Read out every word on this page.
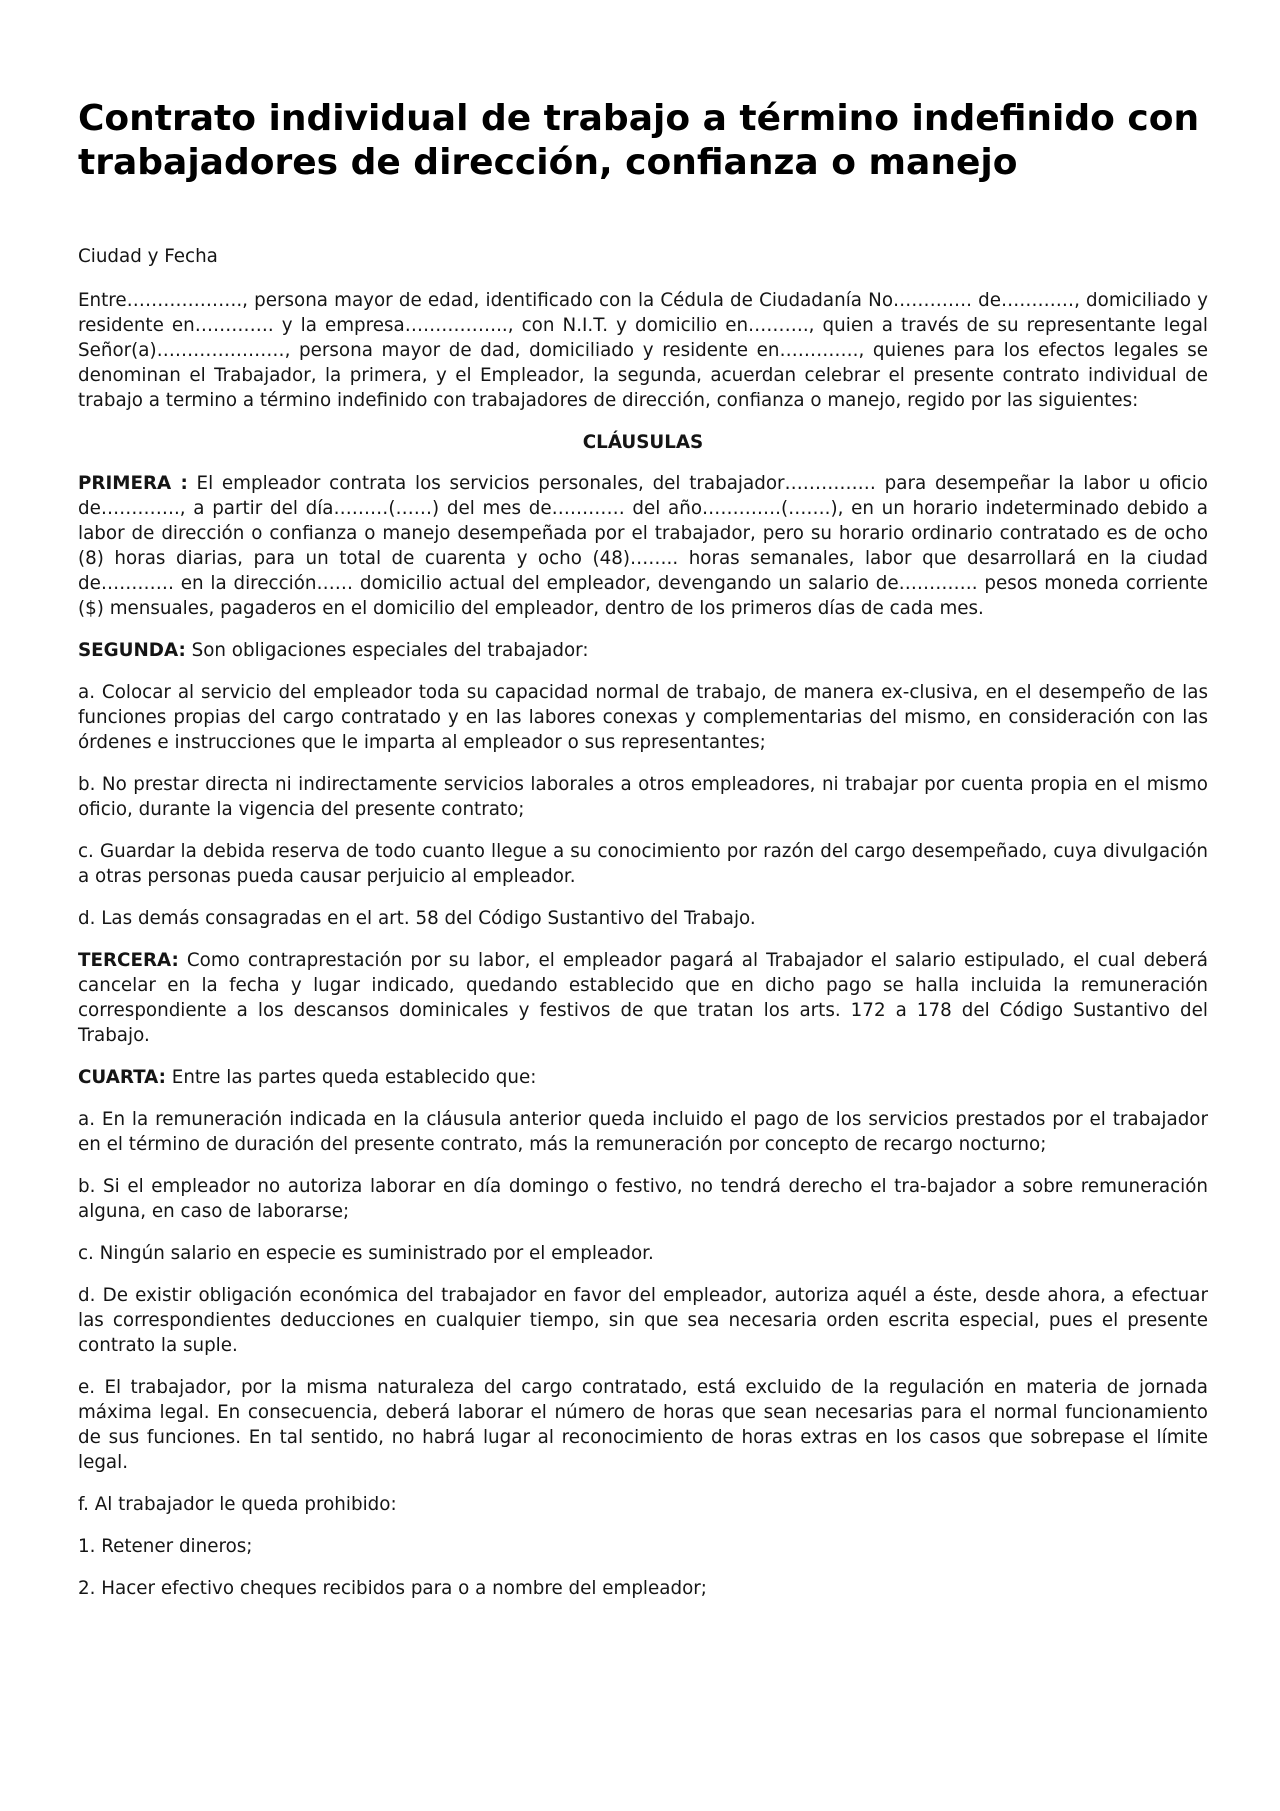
Contrato individual de trabajo a término indefinido con trabajadores de dirección, confianza o manejo

Ciudad y Fecha

Entre………………., persona mayor de edad, identificado con la Cédula de Ciudadanía No…………. de…………, domiciliado y residente en…………. y la empresa…………….., con N.I.T. y domicilio en………., quien a través de su representante legal Señor(a)…………………, persona mayor de dad, domiciliado y residente en…………., quienes para los efectos legales se denominan el Trabajador, la primera, y el Empleador, la segunda, acuerdan celebrar el presente contrato individual de trabajo a termino a término indefinido con trabajadores de dirección, confianza o manejo, regido por las siguientes:

CLÁUSULAS

PRIMERA : El empleador contrata los servicios personales, del trabajador…………… para desempeñar la labor u oficio de…………., a partir del día………(……) del mes de………… del año………….(…….), en un horario indeterminado debido a labor de dirección o confianza o manejo desempeñada por el trabajador, pero su horario ordinario contratado es de ocho (8) horas diarias, para un total de cuarenta y ocho (48)…….. horas semanales, labor que desarrollará en la ciudad de………… en la dirección…… domicilio actual del empleador, devengando un salario de…………. pesos moneda corriente ($) mensuales, pagaderos en el domicilio del empleador, dentro de los primeros días de cada mes.

SEGUNDA: Son obligaciones especiales del trabajador:

a. Colocar al servicio del empleador toda su capacidad normal de trabajo, de manera ex-clusiva, en el desempeño de las funciones propias del cargo contratado y en las labores conexas y complementarias del mismo, en consideración con las órdenes e instrucciones que le imparta al empleador o sus representantes;

b. No prestar directa ni indirectamente servicios laborales a otros empleadores, ni trabajar por cuenta propia en el mismo oficio, durante la vigencia del presente contrato;

c. Guardar la debida reserva de todo cuanto llegue a su conocimiento por razón del cargo desempeñado, cuya divulgación a otras personas pueda causar perjuicio al empleador.

d. Las demás consagradas en el art. 58 del Código Sustantivo del Trabajo.

TERCERA: Como contraprestación por su labor, el empleador pagará al Trabajador el salario estipulado, el cual deberá cancelar en la fecha y lugar indicado, quedando establecido que en dicho pago se halla incluida la remuneración correspondiente a los descansos dominicales y festivos de que tratan los arts. 172 a 178 del Código Sustantivo del Trabajo.

CUARTA: Entre las partes queda establecido que:

a. En la remuneración indicada en la cláusula anterior queda incluido el pago de los servicios prestados por el trabajador en el término de duración del presente contrato, más la remuneración por concepto de recargo nocturno;

b. Si el empleador no autoriza laborar en día domingo o festivo, no tendrá derecho el tra-bajador a sobre remuneración alguna, en caso de laborarse;

c. Ningún salario en especie es suministrado por el empleador.

d. De existir obligación económica del trabajador en favor del empleador, autoriza aquél a éste, desde ahora, a efectuar las correspondientes deducciones en cualquier tiempo, sin que sea necesaria orden escrita especial, pues el presente contrato la suple.

e. El trabajador, por la misma naturaleza del cargo contratado, está excluido de la regulación en materia de jornada máxima legal. En consecuencia, deberá laborar el número de horas que sean necesarias para el normal funcionamiento de sus funciones. En tal sentido, no habrá lugar al reconocimiento de horas extras en los casos que sobrepase el límite legal.

f. Al trabajador le queda prohibido:

1. Retener dineros;

2. Hacer efectivo cheques recibidos para o a nombre del empleador;
